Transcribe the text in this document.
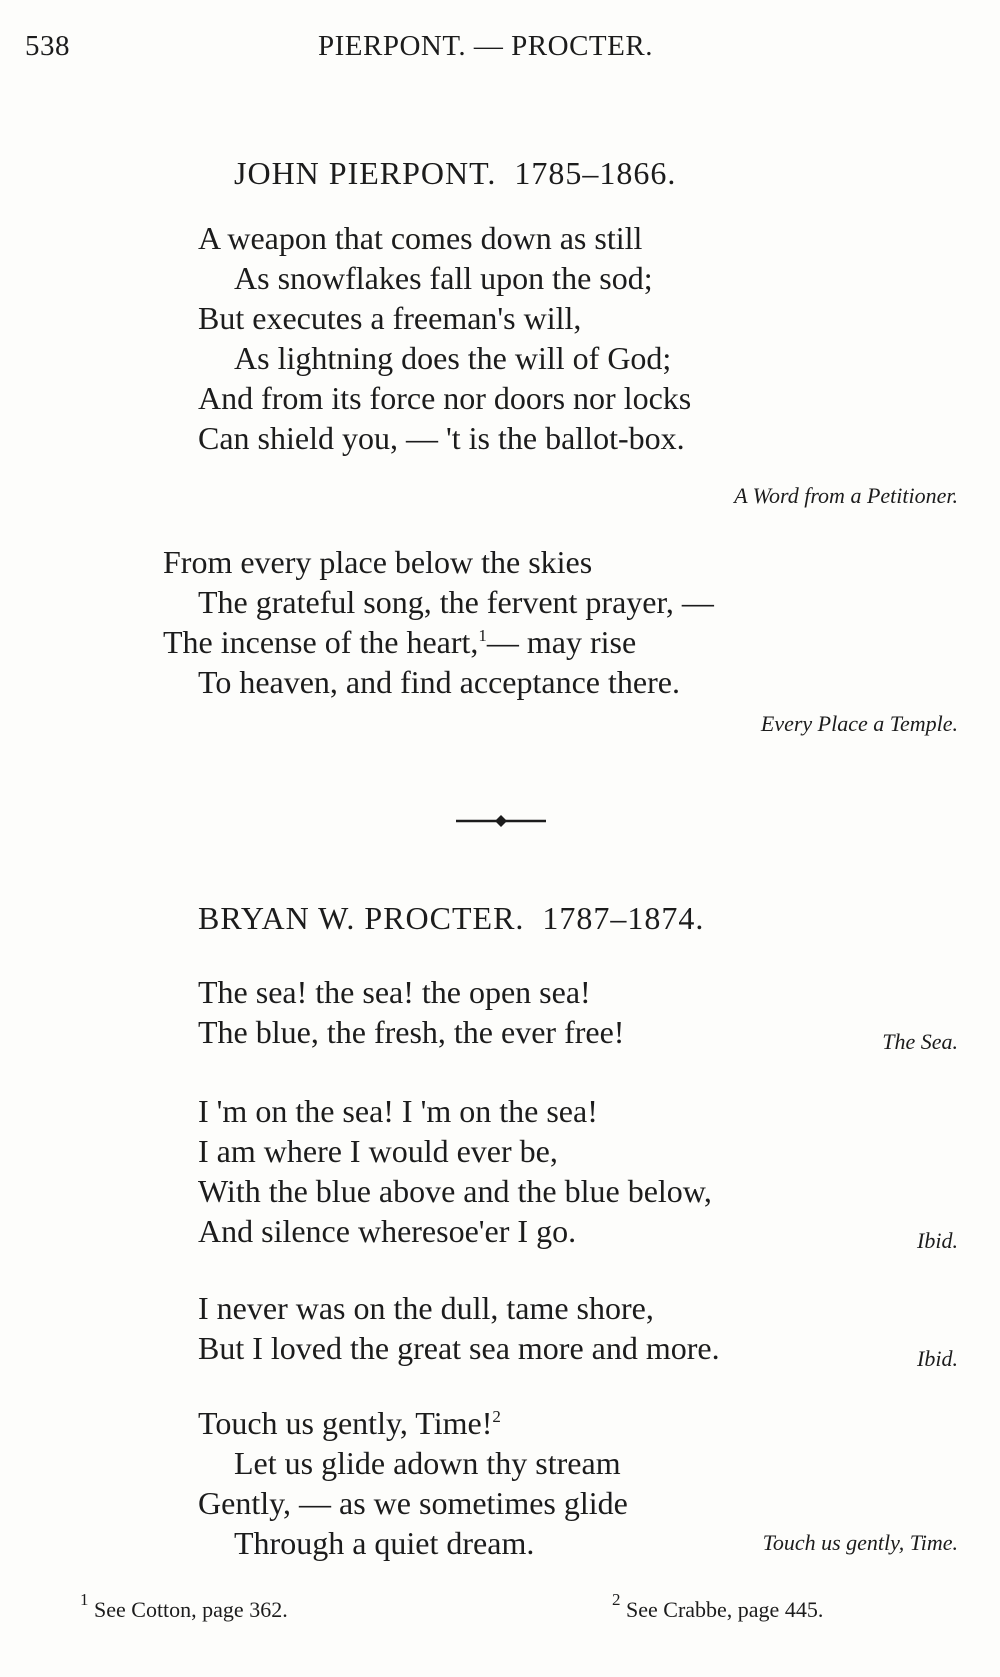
538	PIERPONT. — PROCTER.
JOHN PIERPONT.  1785–1866.
A weapon that comes down as still
As snowflakes fall upon the sod;
But executes a freeman's will,
As lightning does the will of God;
And from its force nor doors nor locks
Can shield you, — 't is the ballot-box.
A Word from a Petitioner.
From every place below the skies
The grateful song, the fervent prayer, —
The incense of the heart,$^1$— may rise
To heaven, and find acceptance there.
Every Place a Temple.
BRYAN W. PROCTER.  1787–1874.
The sea! the sea! the open sea!
The blue, the fresh, the ever free!	The Sea.
I 'm on the sea! I 'm on the sea!
I am where I would ever be,
With the blue above and the blue below,
And silence wheresoe'er I go.	Ibid.
I never was on the dull, tame shore,
But I loved the great sea more and more.	Ibid.
Touch us gently, Time!$^2$
Let us glide adown thy stream
Gently, — as we sometimes glide
Through a quiet dream.	Touch us gently, Time.
$^1$ See Cotton, page 362.	$^2$ See Crabbe, page 445.
